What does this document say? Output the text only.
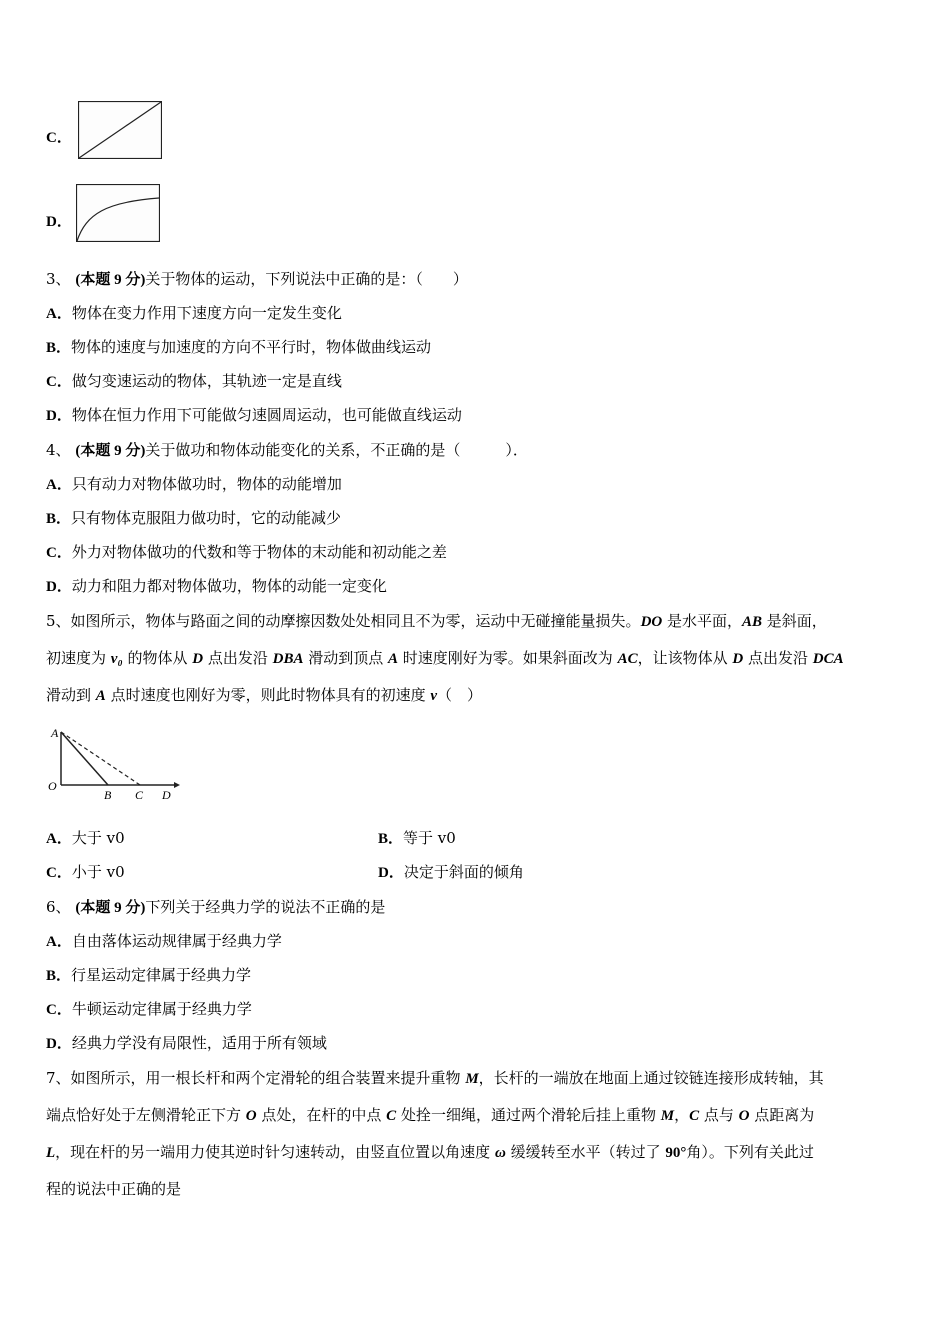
C．
D．
3、 (本题 9 分)关于物体的运动，下列说法中正确的是：（　　）
A．物体在变力作用下速度方向一定发生变化
B．物体的速度与加速度的方向不平行时，物体做曲线运动
C．做匀变速运动的物体，其轨迹一定是直线
D．物体在恒力作用下可能做匀速圆周运动，也可能做直线运动
4、 (本题 9 分)关于做功和物体动能变化的关系，不正确的是（　　　）．
A．只有动力对物体做功时，物体的动能增加
B．只有物体克服阻力做功时，它的动能减少
C．外力对物体做功的代数和等于物体的末动能和初动能之差
D．动力和阻力都对物体做功，物体的动能一定变化
5、如图所示，物体与路面之间的动摩擦因数处处相同且不为零，运动中无碰撞能量损失。DO 是水平面，AB 是斜面，
初速度为 v₀ 的物体从 D 点出发沿 DBA 滑动到顶点 A 时速度刚好为零。如果斜面改为 AC，让该物体从 D 点出发沿 DCA
滑动到 A 点时速度也刚好为零，则此时物体具有的初速度 v（　）
A
O
B C D
A．大于 v0	B．等于 v0
C．小于 v0	D．决定于斜面的倾角
6、 (本题 9 分)下列关于经典力学的说法不正确的是
A．自由落体运动规律属于经典力学
B．行星运动定律属于经典力学
C．牛顿运动定律属于经典力学
D．经典力学没有局限性，适用于所有领域
7、如图所示，用一根长杆和两个定滑轮的组合装置来提升重物 M，长杆的一端放在地面上通过铰链连接形成转轴，其
端点恰好处于左侧滑轮正下方 O 点处，在杆的中点 C 处拴一细绳，通过两个滑轮后挂上重物 M，C 点与 O 点距离为
L，现在杆的另一端用力使其逆时针匀速转动，由竖直位置以角速度 ω 缓缓转至水平（转过了 90°角）。下列有关此过
程的说法中正确的是
